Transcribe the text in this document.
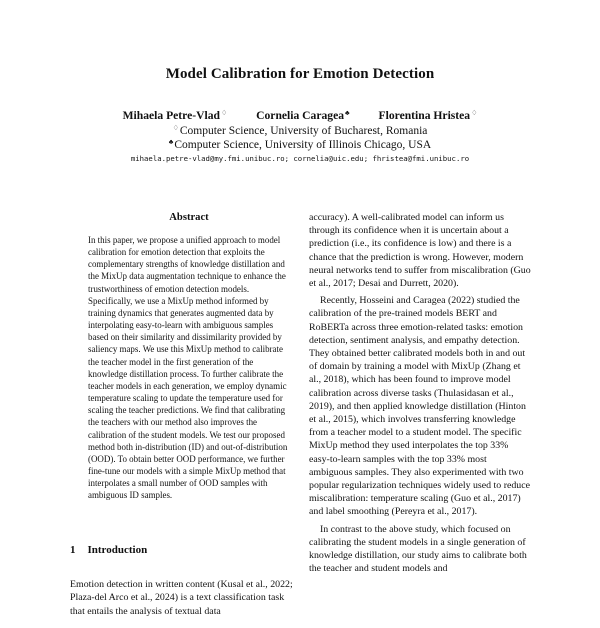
Model Calibration for Emotion Detection
Mihaela Petre-Vlad♢ Cornelia Caragea♣ Florentina Hristea♢
♢Computer Science, University of Bucharest, Romania
♣Computer Science, University of Illinois Chicago, USA
mihaela.petre-vlad@my.fmi.unibuc.ro; cornelia@uic.edu; fhristea@fmi.unibuc.ro
Abstract

In this paper, we propose a unified approach to model calibration for emotion detection that exploits the complementary strengths of knowledge distillation and the MixUp data augmentation technique to enhance the trustworthiness of emotion detection models. Specifically, we use a MixUp method informed by training dynamics that generates augmented data by interpolating easy-to-learn with ambiguous samples based on their similarity and dissimilarity provided by saliency maps. We use this MixUp method to calibrate the teacher model in the first generation of the knowledge distillation process. To further calibrate the teacher models in each generation, we employ dynamic temperature scaling to update the temperature used for scaling the teacher predictions. We find that calibrating the teachers with our method also improves the calibration of the student models. We test our proposed method both in-distribution (ID) and out-of-distribution (OOD). To obtain better OOD performance, we further fine-tune our models with a simple MixUp method that interpolates a small number of OOD samples with ambiguous ID samples.

1 Introduction

Emotion detection in written content (Kusal et al., 2022; Plaza-del Arco et al., 2024) is a text classification task that entails the analysis of textual data

accuracy). A well-calibrated model can inform us through its confidence when it is uncertain about a prediction (i.e., its confidence is low) and there is a chance that the prediction is wrong. However, modern neural networks tend to suffer from miscalibration (Guo et al., 2017; Desai and Durrett, 2020).

Recently, Hosseini and Caragea (2022) studied the calibration of the pre-trained models BERT and RoBERTa across three emotion-related tasks: emotion detection, sentiment analysis, and empathy detection. They obtained better calibrated models both in and out of domain by training a model with MixUp (Zhang et al., 2018), which has been found to improve model calibration across diverse tasks (Thulasidasan et al., 2019), and then applied knowledge distillation (Hinton et al., 2015), which involves transferring knowledge from a teacher model to a student model. The specific MixUp method they used interpolates the top 33% easy-to-learn samples with the top 33% most ambiguous samples. They also experimented with two popular regularization techniques widely used to reduce miscalibration: temperature scaling (Guo et al., 2017) and label smoothing (Pereyra et al., 2017).

In contrast to the above study, which focused on calibrating the student models in a single generation of knowledge distillation, our study aims to calibrate both the teacher and student models and
